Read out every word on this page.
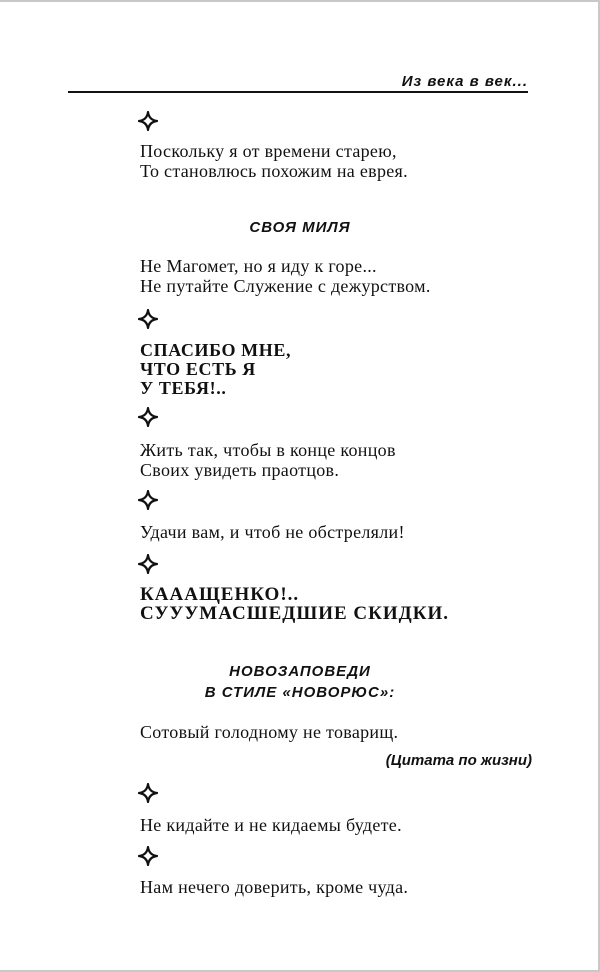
Из века в век...
Поскольку я от времени старею,
То становлюсь похожим на еврея.
СВОЯ МИЛЯ
Не Магомет, но я иду к горе...
Не путайте Служение с дежурством.
СПАСИБО МНЕ,
ЧТО ЕСТЬ Я
У ТЕБЯ!..
Жить так, чтобы в конце концов
Своих увидеть праотцов.
Удачи вам, и чтоб не обстреляли!
КАААЩЕНКО!..
СУУУМАСШЕДШИЕ СКИДКИ.
НОВОЗАПОВЕДИ
В СТИЛЕ «НОВОРЮС»:
Сотовый голодному не товарищ.
(Цитата по жизни)
Не кидайте и не кидаемы будете.
Нам нечего доверить, кроме чуда.
